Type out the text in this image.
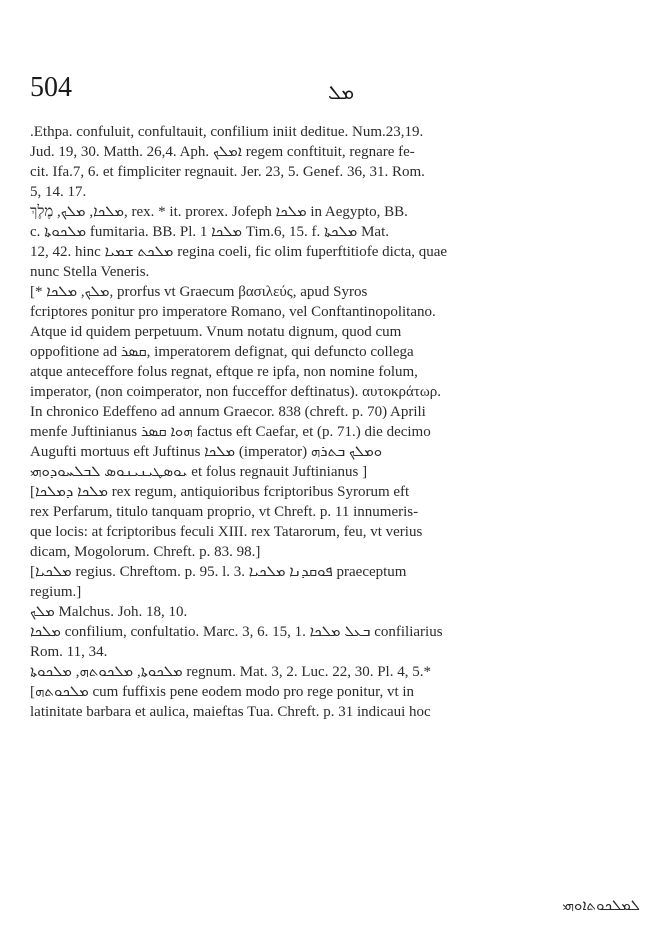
504	ܡܠ
.Ethpa. confuluit, confultauit, confilium iniit deditue. Num.23,19.
Jud. 19, 30. Matth. 26,4. Aph. ܐܡܠܟ regem conftituit, regnare fe-
cit. Ifa.7, 6. et fimpliciter regnauit. Jer. 23, 5. Genef. 36, 31. Rom.
5, 14. 17.
ܡܠܟܐ, ܡܠܟ, מֶלֶךְ, rex. * it. prorex. Jofeph ܡܠܟܐ in Aegypto, BB.
c. ܡܠܟܘܬܐ fumitaria. BB. Pl. ܡܠܟܐ 1 Tim.6, 15. f. ܡܠܟܬܐ Mat.
12, 42. hinc ܡܠܟܬ ܫܡܝܐ regina coeli, fic olim fuperftitiofe dicta, quae
nunc Stella Veneris.
[* ܡܠܟ, ܡܠܟܐ, prorfus vt Graecum βασιλεύς, apud Syros
fcriptores ponitur pro imperatore Romano, vel Conftantinopolitano.
Atque id quidem perpetuum. Vnum notatu dignum, quod cum
oppofitione ad ܩܣܪ, imperatorem defignat, qui defuncto collega
atque anteceffore folus regnat, eftque re ipfa, non nomine folum,
imperator, (non coimperator, non fucceffor deftinatus). αυτοκράτωρ.
In chronico Edeffeno ad annum Graecor. 838 (chreft. p. 70) Aprili
menfe Juftinianus ܗܘܐ ܩܣܪ factus eft Caefar, et (p. 71.) die decimo
Augufti mortuus eft Juftinus ܡܠܟܐ (imperator) ܘܡܠܟ ܒܬܪܗ
ܝܘܣܛܝܢܝܢܘܣ ܠܒܠܚܘܕܘܗܝ et folus regnauit Juftinianus ]
[ܡܠܟܐ ܕܡܠܟܐ rex regum, antiquioribus fcriptoribus Syrorum eft
rex Perfarum, titulo tanquam proprio, vt Chreft. p. 11 innumeris-
que locis: at fcriptoribus feculi XIII. rex Tatarorum, feu, vt verius
dicam, Mogolorum. Chreft. p. 83. 98.]
[ܡܠܟܝܐ regius. Chreftom. p. 95. l. 3. ܦܘܩܕܢܐ ܡܠܟܝܐ praeceptum
regium.]
ܡܠܟ Malchus. Joh. 18, 10.
ܡܠܟܐ confilium, confultatio. Marc. 3, 6. 15, 1. ܒܥܠ ܡܠܟܐ confiliarius
Rom. 11, 34.
ܡܠܟܘܬܐ, ܡܠܟܘܬܗ, ܡܠܟܘܬܐ regnum. Mat. 3, 2. Luc. 22, 30. Pl. 4, 5.*
[ܡܠܟܘܬܗ cum fuffixis pene eodem modo pro rege ponitur, vt in
latinitate barbara et aulica, maieftas Tua. Chreft. p. 31 indicaui hoc
ܠܡܠܟܘܬܐܘܗܝ
